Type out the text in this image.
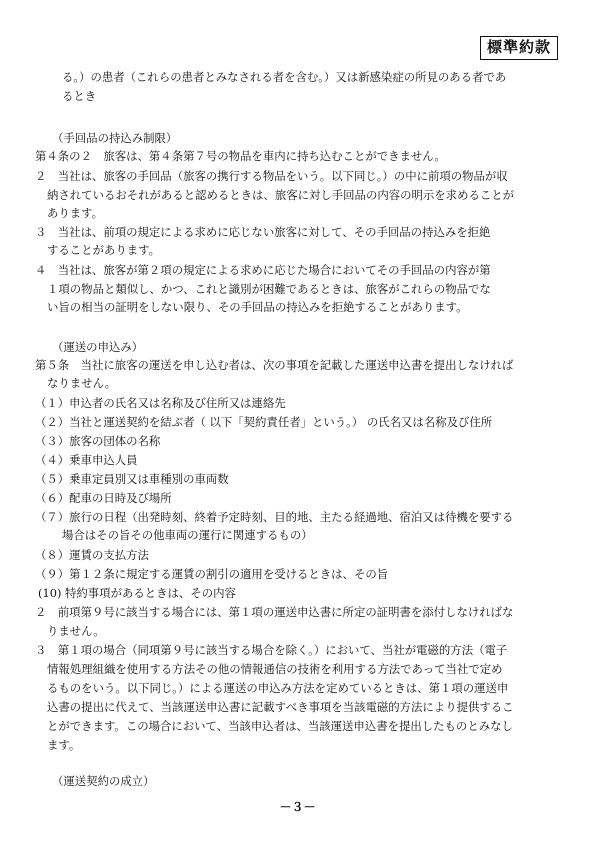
標準約款
る。）の患者（これらの患者とみなされる者を含む。）又は新感染症の所見のある者であ
るとき
（手回品の持込み制限）
第４条の２　旅客は、第４条第７号の物品を車内に持ち込むことができません。
２　当社は、旅客の手回品（旅客の携行する物品をいう。以下同じ。）の中に前項の物品が収
納されているおそれがあると認めるときは、旅客に対し手回品の内容の明示を求めることが
あります。
３　当社は、前項の規定による求めに応じない旅客に対して、その手回品の持込みを拒絶
することがあります。
４　当社は、旅客が第２項の規定による求めに応じた場合においてその手回品の内容が第
１項の物品と類似し、かつ、これと識別が困難であるときは、旅客がこれらの物品でな
い旨の相当の証明をしない限り、その手回品の持込みを拒絶することがあります。
（運送の申込み）
第５条　当社に旅客の運送を申し込む者は、次の事項を記載した運送申込書を提出しなければ
なりません。
（１）申込者の氏名又は名称及び住所又は連絡先
（２）当社と運送契約を結ぶ者（ 以下「契約責任者」という。） の氏名又は名称及び住所
（３）旅客の団体の名称
（４）乗車申込人員
（５）乗車定員別又は車種別の車両数
（６）配車の日時及び場所
（７）旅行の日程（出発時刻、終着予定時刻、目的地、主たる経過地、宿泊又は待機を要する
場合はその旨その他車両の運行に関連するもの）
（８）運賃の支払方法
（９）第１２条に規定する運賃の割引の適用を受けるときは、その旨
(10) 特約事項があるときは、その内容
２　前項第９号に該当する場合には、第１項の運送申込書に所定の証明書を添付しなければな
りません。
３　第１項の場合（同項第９号に該当する場合を除く。）において、当社が電磁的方法（電子
情報処理組織を使用する方法その他の情報通信の技術を利用する方法であって当社で定め
るものをいう。以下同じ。）による運送の申込み方法を定めているときは、第１項の運送申
込書の提出に代えて、当該運送申込書に記載すべき事項を当該電磁的方法により提供するこ
とができます。この場合において、当該申込者は、当該運送申込書を提出したものとみなし
ます。
（運送契約の成立）
－３－
